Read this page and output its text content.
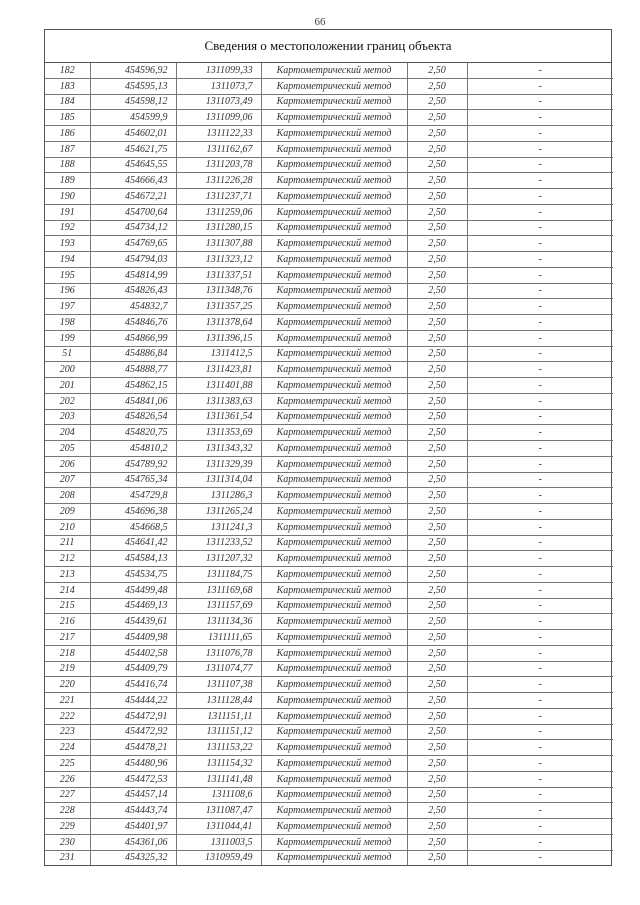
66
Сведения о местоположении границ объекта
182	454596,92	1311099,33	Картометрический метод	2,50	-
183	454595,13	1311073,7	Картометрический метод	2,50	-
184	454598,12	1311073,49	Картометрический метод	2,50	-
185	454599,9	1311099,06	Картометрический метод	2,50	-
186	454602,01	1311122,33	Картометрический метод	2,50	-
187	454621,75	1311162,67	Картометрический метод	2,50	-
188	454645,55	1311203,78	Картометрический метод	2,50	-
189	454666,43	1311226,28	Картометрический метод	2,50	-
190	454672,21	1311237,71	Картометрический метод	2,50	-
191	454700,64	1311259,06	Картометрический метод	2,50	-
192	454734,12	1311280,15	Картометрический метод	2,50	-
193	454769,65	1311307,88	Картометрический метод	2,50	-
194	454794,03	1311323,12	Картометрический метод	2,50	-
195	454814,99	1311337,51	Картометрический метод	2,50	-
196	454826,43	1311348,76	Картометрический метод	2,50	-
197	454832,7	1311357,25	Картометрический метод	2,50	-
198	454846,76	1311378,64	Картометрический метод	2,50	-
199	454866,99	1311396,15	Картометрический метод	2,50	-
51	454886,84	1311412,5	Картометрический метод	2,50	-
200	454888,77	1311423,81	Картометрический метод	2,50	-
201	454862,15	1311401,88	Картометрический метод	2,50	-
202	454841,06	1311383,63	Картометрический метод	2,50	-
203	454826,54	1311361,54	Картометрический метод	2,50	-
204	454820,75	1311353,69	Картометрический метод	2,50	-
205	454810,2	1311343,32	Картометрический метод	2,50	-
206	454789,92	1311329,39	Картометрический метод	2,50	-
207	454765,34	1311314,04	Картометрический метод	2,50	-
208	454729,8	1311286,3	Картометрический метод	2,50	-
209	454696,38	1311265,24	Картометрический метод	2,50	-
210	454668,5	1311241,3	Картометрический метод	2,50	-
211	454641,42	1311233,52	Картометрический метод	2,50	-
212	454584,13	1311207,32	Картометрический метод	2,50	-
213	454534,75	1311184,75	Картометрический метод	2,50	-
214	454499,48	1311169,68	Картометрический метод	2,50	-
215	454469,13	1311157,69	Картометрический метод	2,50	-
216	454439,61	1311134,36	Картометрический метод	2,50	-
217	454409,98	1311111,65	Картометрический метод	2,50	-
218	454402,58	1311076,78	Картометрический метод	2,50	-
219	454409,79	1311074,77	Картометрический метод	2,50	-
220	454416,74	1311107,38	Картометрический метод	2,50	-
221	454444,22	1311128,44	Картометрический метод	2,50	-
222	454472,91	1311151,11	Картометрический метод	2,50	-
223	454472,92	1311151,12	Картометрический метод	2,50	-
224	454478,21	1311153,22	Картометрический метод	2,50	-
225	454480,96	1311154,32	Картометрический метод	2,50	-
226	454472,53	1311141,48	Картометрический метод	2,50	-
227	454457,14	1311108,6	Картометрический метод	2,50	-
228	454443,74	1311087,47	Картометрический метод	2,50	-
229	454401,97	1311044,41	Картометрический метод	2,50	-
230	454361,06	1311003,5	Картометрический метод	2,50	-
231	454325,32	1310959,49	Картометрический метод	2,50	-
